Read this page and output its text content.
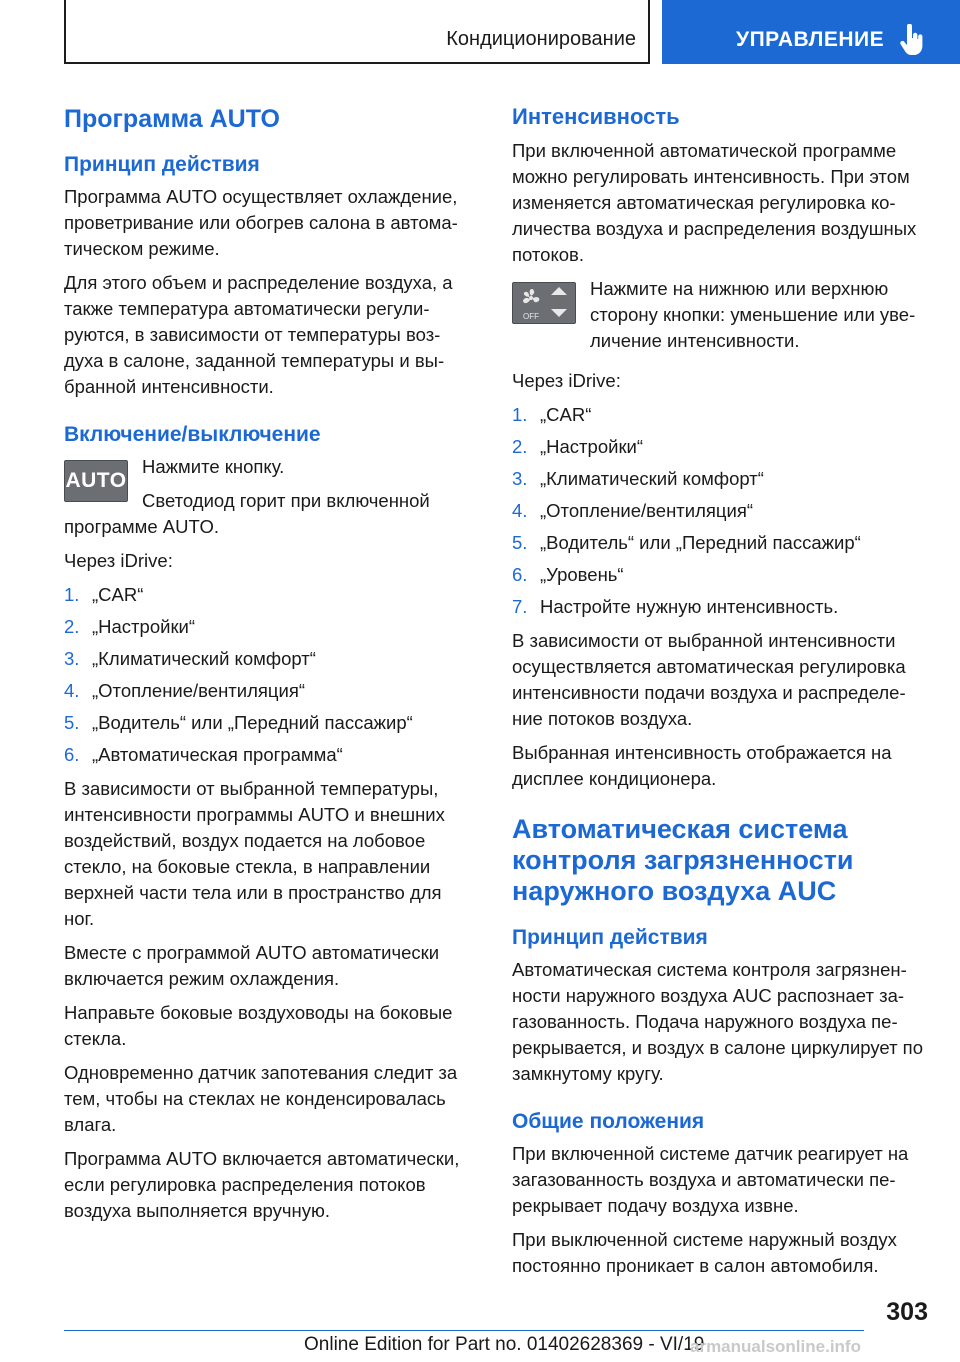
Кондиционирование	УПРАВЛЕНИЕ
Программа AUTO
Принцип действия
Программа AUTO осуществляет охлаждение, проветривание или обогрев салона в автома-тическом режиме.
Для этого объем и распределение воздуха, а также температура автоматически регули-руются, в зависимости от температуры воз-духа в салоне, заданной температуры и вы-бранной интенсивности.
Включение/выключение
AUTO
Нажмите кнопку.
Светодиод горит при включенной программе AUTO.
Через iDrive:
1. „CAR“
2. „Настройки“
3. „Климатический комфорт“
4. „Отопление/вентиляция“
5. „Водитель“ или „Передний пассажир“
6. „Автоматическая программа“
В зависимости от выбранной температуры, интенсивности программы AUTO и внешних воздействий, воздух подается на лобовое стекло, на боковые стекла, в направлении верхней части тела или в пространство для ног.
Вместе с программой AUTO автоматически включается режим охлаждения.
Направьте боковые воздуховоды на боковые стекла.
Одновременно датчик запотевания следит за тем, чтобы на стеклах не конденсировалась влага.
Программа AUTO включается автоматически, если регулировка распределения потоков воздуха выполняется вручную.
Интенсивность
При включенной автоматической программе можно регулировать интенсивность. При этом изменяется автоматическая регулировка ко-личества воздуха и распределения воздушных потоков.
OFF
Нажмите на нижнюю или верхнюю сторону кнопки: уменьшение или уве-личение интенсивности.
Через iDrive:
1. „CAR“
2. „Настройки“
3. „Климатический комфорт“
4. „Отопление/вентиляция“
5. „Водитель“ или „Передний пассажир“
6. „Уровень“
7. Настройте нужную интенсивность.
В зависимости от выбранной интенсивности осуществляется автоматическая регулировка интенсивности подачи воздуха и распределе-ние потоков воздуха.
Выбранная интенсивность отображается на дисплее кондиционера.
Автоматическая система контроля загрязненности наружного воздуха AUC
Принцип действия
Автоматическая система контроля загрязнен-ности наружного воздуха AUC распознает за-газованность. Подача наружного воздуха пе-рекрывается, и воздух в салоне циркулирует по замкнутому кругу.
Общие положения
При включенной системе датчик реагирует на загазованность воздуха и автоматически пе-рекрывает подачу воздуха извне.
При выключенной системе наружный воздух постоянно проникает в салон автомобиля.
303
Online Edition for Part no. 01402628369 - VI/19
armanualsonline.info
